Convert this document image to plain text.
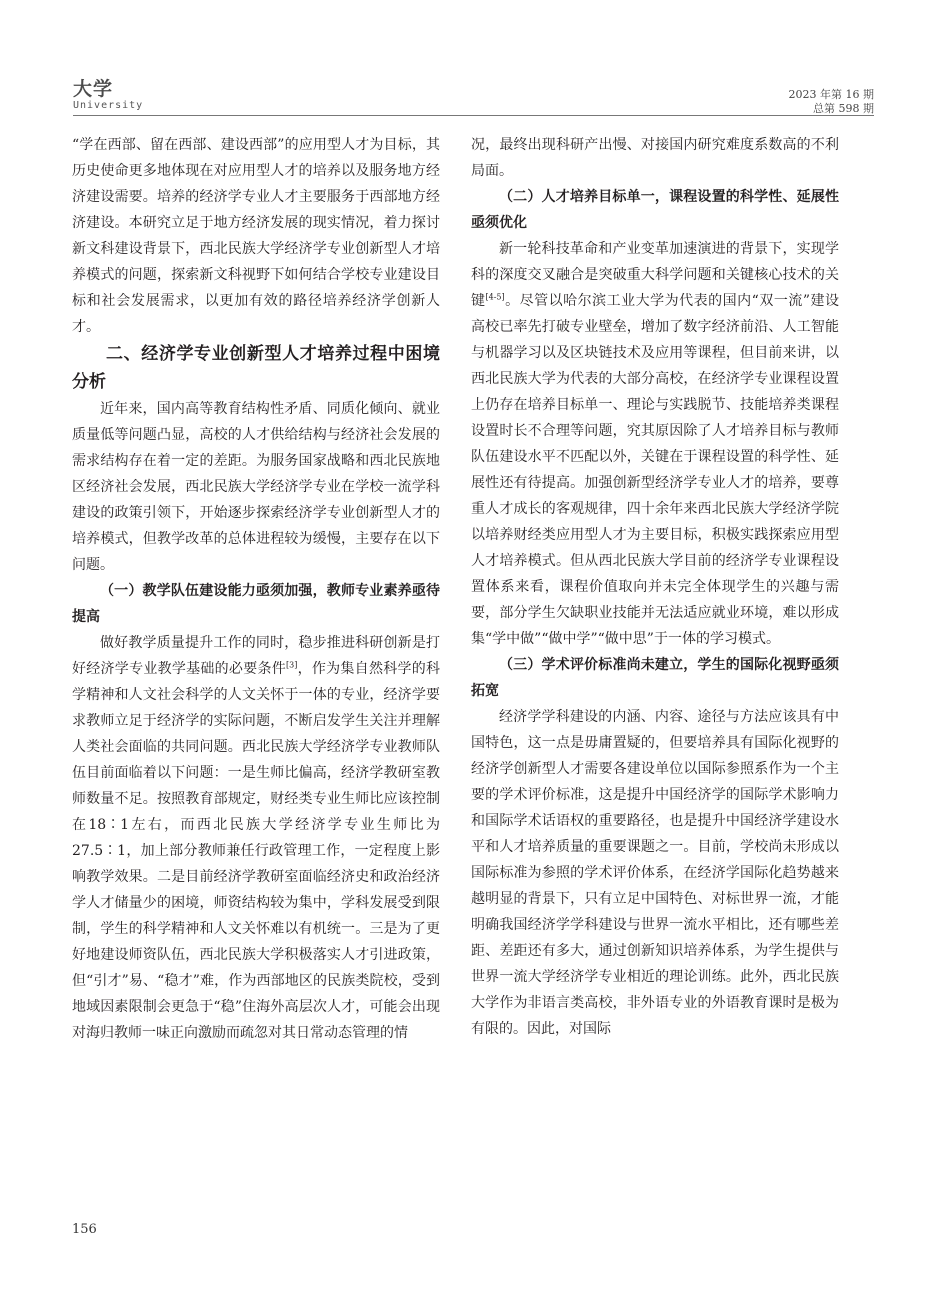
大学
University
2023 年第 16 期
总第 598 期

“学在西部、留在西部、建设西部”的应用型人才为目标，其历史使命更多地体现在对应用型人才的培养以及服务地方经济建设需要。培养的经济学专业人才主要服务于西部地方经济建设。本研究立足于地方经济发展的现实情况，着力探讨新文科建设背景下，西北民族大学经济学专业创新型人才培养模式的问题，探索新文科视野下如何结合学校专业建设目标和社会发展需求，以更加有效的路径培养经济学创新人才。

二、经济学专业创新型人才培养过程中困境分析

近年来，国内高等教育结构性矛盾、同质化倾向、就业质量低等问题凸显，高校的人才供给结构与经济社会发展的需求结构存在着一定的差距。为服务国家战略和西北民族地区经济社会发展，西北民族大学经济学专业在学校一流学科建设的政策引领下，开始逐步探索经济学专业创新型人才的培养模式，但教学改革的总体进程较为缓慢，主要存在以下问题。

（一）教学队伍建设能力亟须加强，教师专业素养亟待提高

做好教学质量提升工作的同时，稳步推进科研创新是打好经济学专业教学基础的必要条件[3]，作为集自然科学的科学精神和人文社会科学的人文关怀于一体的专业，经济学要求教师立足于经济学的实际问题，不断启发学生关注并理解人类社会面临的共同问题。西北民族大学经济学专业教师队伍目前面临着以下问题：一是生师比偏高，经济学教研室教师数量不足。按照教育部规定，财经类专业生师比应该控制在18∶1左右，而西北民族大学经济学专业生师比为27.5∶1，加上部分教师兼任行政管理工作，一定程度上影响教学效果。二是目前经济学教研室面临经济史和政治经济学人才储量少的困境，师资结构较为集中，学科发展受到限制，学生的科学精神和人文关怀难以有机统一。三是为了更好地建设师资队伍，西北民族大学积极落实人才引进政策，但“引才”易、“稳才”难，作为西部地区的民族类院校，受到地域因素限制会更急于“稳”住海外高层次人才，可能会出现对海归教师一味正向激励而疏忽对其日常动态管理的情

况，最终出现科研产出慢、对接国内研究难度系数高的不利局面。

（二）人才培养目标单一，课程设置的科学性、延展性亟须优化

新一轮科技革命和产业变革加速演进的背景下，实现学科的深度交叉融合是突破重大科学问题和关键核心技术的关键[4-5]。尽管以哈尔滨工业大学为代表的国内“双一流”建设高校已率先打破专业壁垒，增加了数字经济前沿、人工智能与机器学习以及区块链技术及应用等课程，但目前来讲，以西北民族大学为代表的大部分高校，在经济学专业课程设置上仍存在培养目标单一、理论与实践脱节、技能培养类课程设置时长不合理等问题，究其原因除了人才培养目标与教师队伍建设水平不匹配以外，关键在于课程设置的科学性、延展性还有待提高。加强创新型经济学专业人才的培养，要尊重人才成长的客观规律，四十余年来西北民族大学经济学院以培养财经类应用型人才为主要目标，积极实践探索应用型人才培养模式。但从西北民族大学目前的经济学专业课程设置体系来看，课程价值取向并未完全体现学生的兴趣与需要，部分学生欠缺职业技能并无法适应就业环境，难以形成集“学中做”“做中学”“做中思”于一体的学习模式。

（三）学术评价标准尚未建立，学生的国际化视野亟须拓宽

经济学学科建设的内涵、内容、途径与方法应该具有中国特色，这一点是毋庸置疑的，但要培养具有国际化视野的经济学创新型人才需要各建设单位以国际参照系作为一个主要的学术评价标准，这是提升中国经济学的国际学术影响力和国际学术话语权的重要路径，也是提升中国经济学建设水平和人才培养质量的重要课题之一。目前，学校尚未形成以国际标准为参照的学术评价体系，在经济学国际化趋势越来越明显的背景下，只有立足中国特色、对标世界一流，才能明确我国经济学学科建设与世界一流水平相比，还有哪些差距、差距还有多大，通过创新知识培养体系，为学生提供与世界一流大学经济学专业相近的理论训练。此外，西北民族大学作为非语言类高校，非外语专业的外语教育课时是极为有限的。因此，对国际

156
